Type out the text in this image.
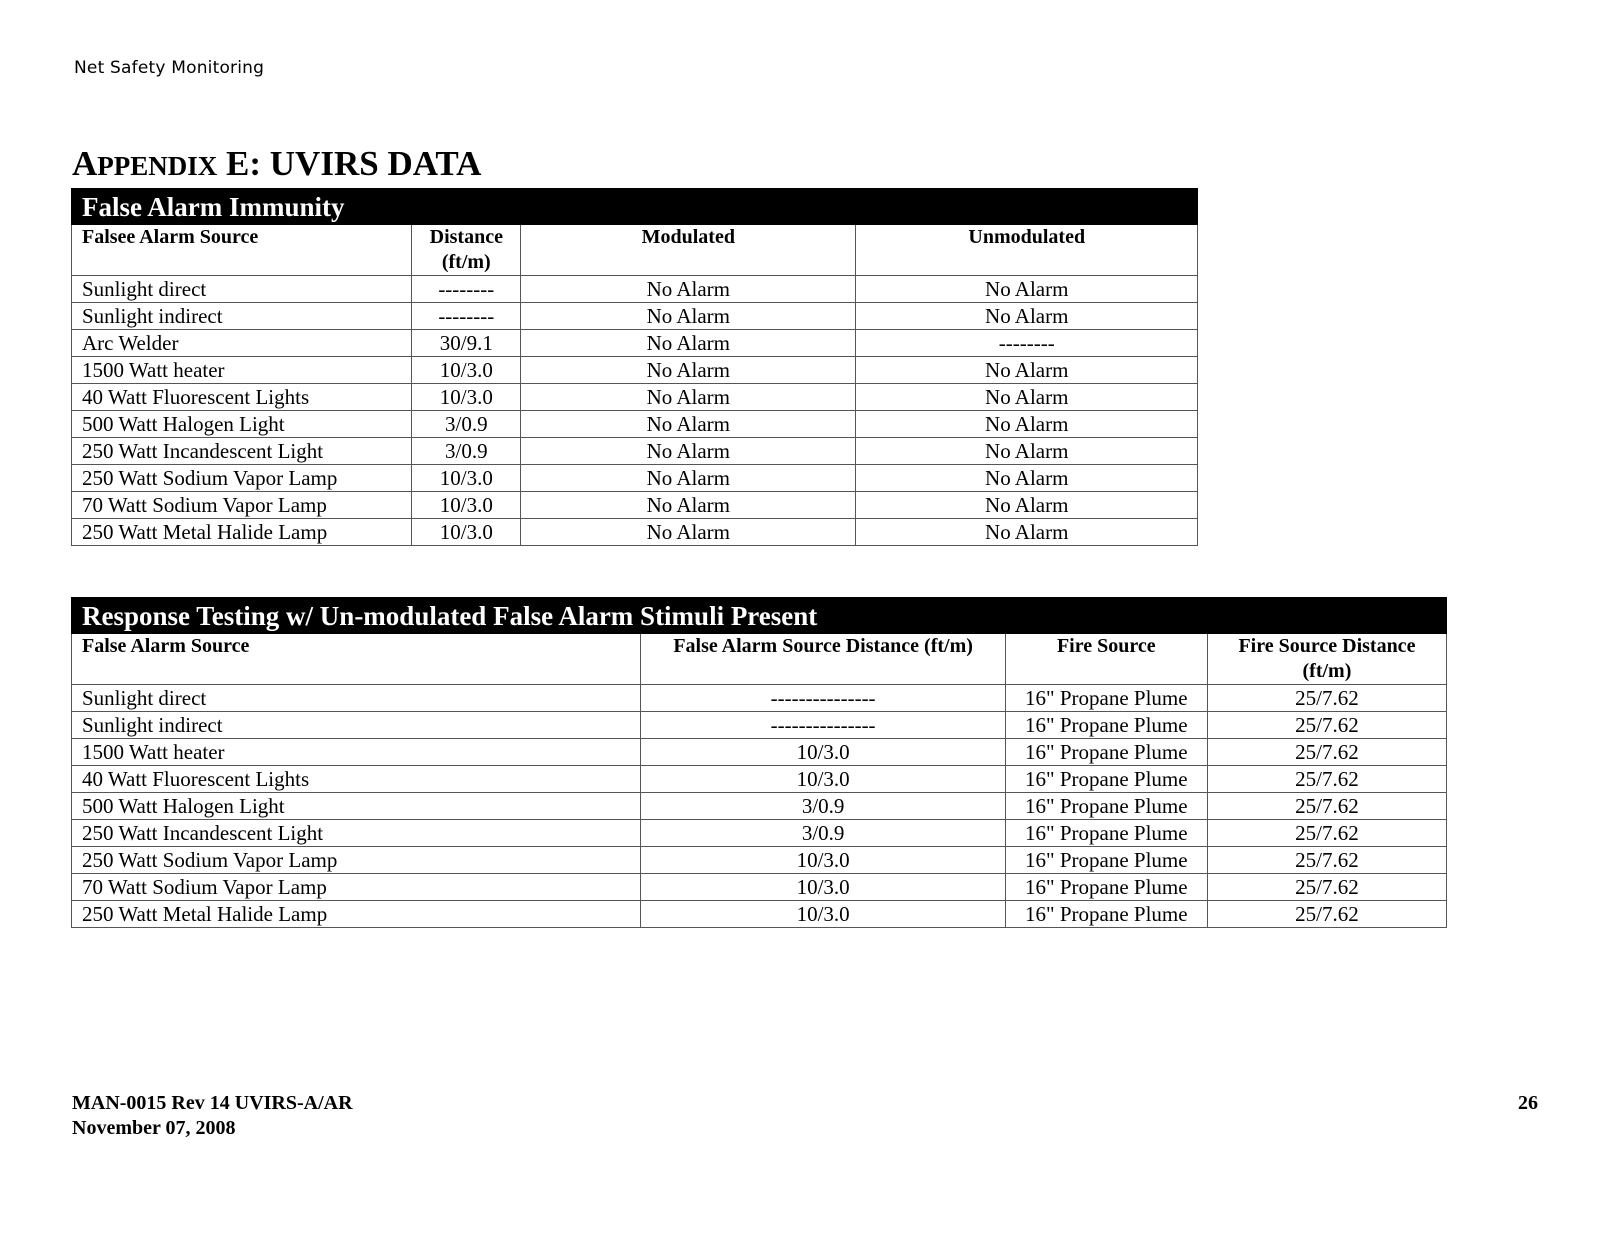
Net Safety Monitoring
APPENDIX E: UVIRS DATA
False Alarm Immunity			
Falsee Alarm Source	Distance (ft/m)	Modulated	Unmodulated
Sunlight direct	--------	No Alarm	No Alarm
Sunlight indirect	--------	No Alarm	No Alarm
Arc Welder	30/9.1	No Alarm	--------
1500 Watt heater	10/3.0	No Alarm	No Alarm
40 Watt Fluorescent Lights	10/3.0	No Alarm	No Alarm
500 Watt Halogen Light	3/0.9	No Alarm	No Alarm
250 Watt Incandescent Light	3/0.9	No Alarm	No Alarm
250 Watt Sodium Vapor Lamp	10/3.0	No Alarm	No Alarm
70 Watt Sodium Vapor Lamp	10/3.0	No Alarm	No Alarm
250 Watt Metal Halide Lamp	10/3.0	No Alarm	No Alarm
Response Testing w/ Un-modulated False Alarm Stimuli Present			
False Alarm Source	False Alarm Source Distance (ft/m)	Fire Source	Fire Source Distance (ft/m)
Sunlight direct	---------------	16" Propane Plume	25/7.62
Sunlight indirect	---------------	16" Propane Plume	25/7.62
1500 Watt heater	10/3.0	16" Propane Plume	25/7.62
40 Watt Fluorescent Lights	10/3.0	16" Propane Plume	25/7.62
500 Watt Halogen Light	3/0.9	16" Propane Plume	25/7.62
250 Watt Incandescent Light	3/0.9	16" Propane Plume	25/7.62
250 Watt Sodium Vapor Lamp	10/3.0	16" Propane Plume	25/7.62
70 Watt Sodium Vapor Lamp	10/3.0	16" Propane Plume	25/7.62
250 Watt Metal Halide Lamp	10/3.0	16" Propane Plume	25/7.62
MAN-0015 Rev 14 UVIRS-A/AR
November 07, 2008
26
